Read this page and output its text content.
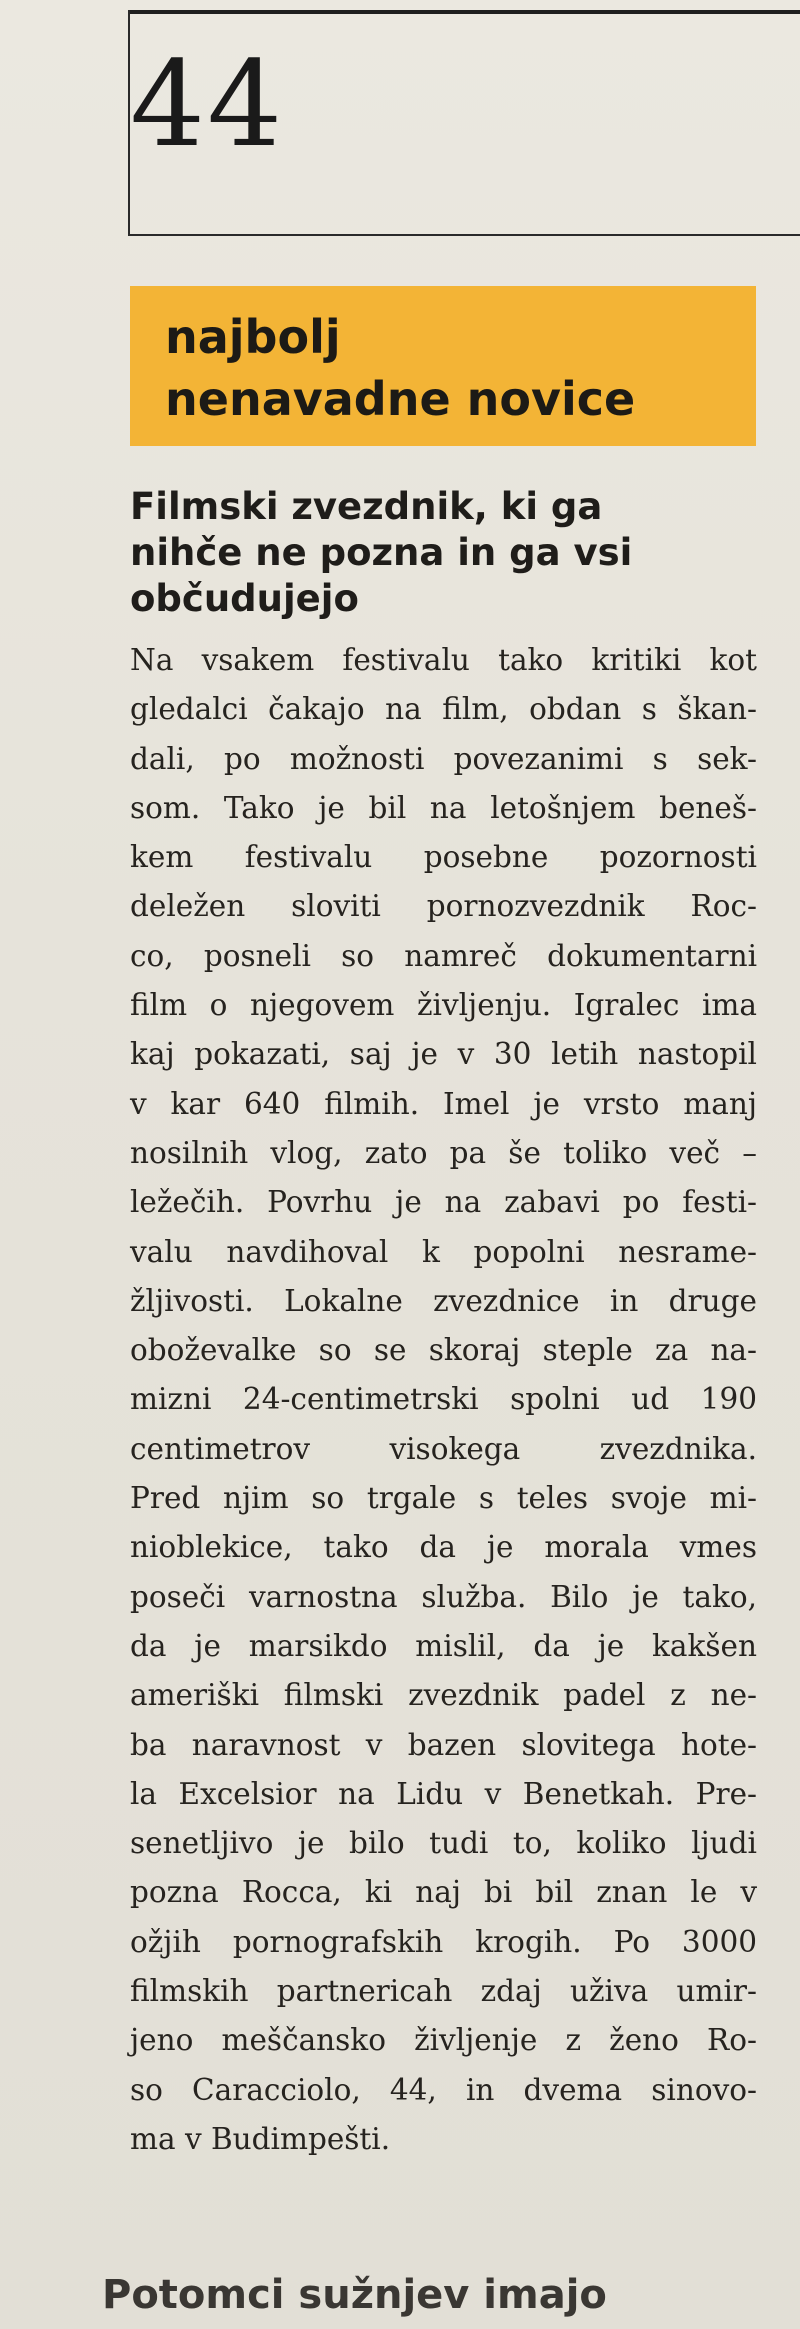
44
najbolj
nenavadne novice
Filmski zvezdnik, ki ga
nihče ne pozna in ga vsi
občudujejo
Na vsakem festivalu tako kritiki kot
gledalci čakajo na film, obdan s škan-
dali, po možnosti povezanimi s sek-
som. Tako je bil na letošnjem beneš-
kem festivalu posebne pozornosti
deležen sloviti pornozvezdnik Roc-
co, posneli so namreč dokumentarni
film o njegovem življenju. Igralec ima
kaj pokazati, saj je v 30 letih nastopil
v kar 640 filmih. Imel je vrsto manj
nosilnih vlog, zato pa še toliko več –
ležečih. Povrhu je na zabavi po festi-
valu navdihoval k popolni nesrame-
žljivosti. Lokalne zvezdnice in druge
oboževalke so se skoraj steple za na-
mizni 24-centimetrski spolni ud 190
centimetrov visokega zvezdnika.
Pred njim so trgale s teles svoje mi-
nioblekice, tako da je morala vmes
poseči varnostna služba. Bilo je tako,
da je marsikdo mislil, da je kakšen
ameriški filmski zvezdnik padel z ne-
ba naravnost v bazen slovitega hote-
la Excelsior na Lidu v Benetkah. Pre-
senetljivo je bilo tudi to, koliko ljudi
pozna Rocca, ki naj bi bil znan le v
ožjih pornografskih krogih. Po 3000
filmskih partnericah zdaj uživa umir-
jeno meščansko življenje z ženo Ro-
so Caracciolo, 44, in dvema sinovo-
ma v Budimpešti.
Potomci sužnjev imajo
